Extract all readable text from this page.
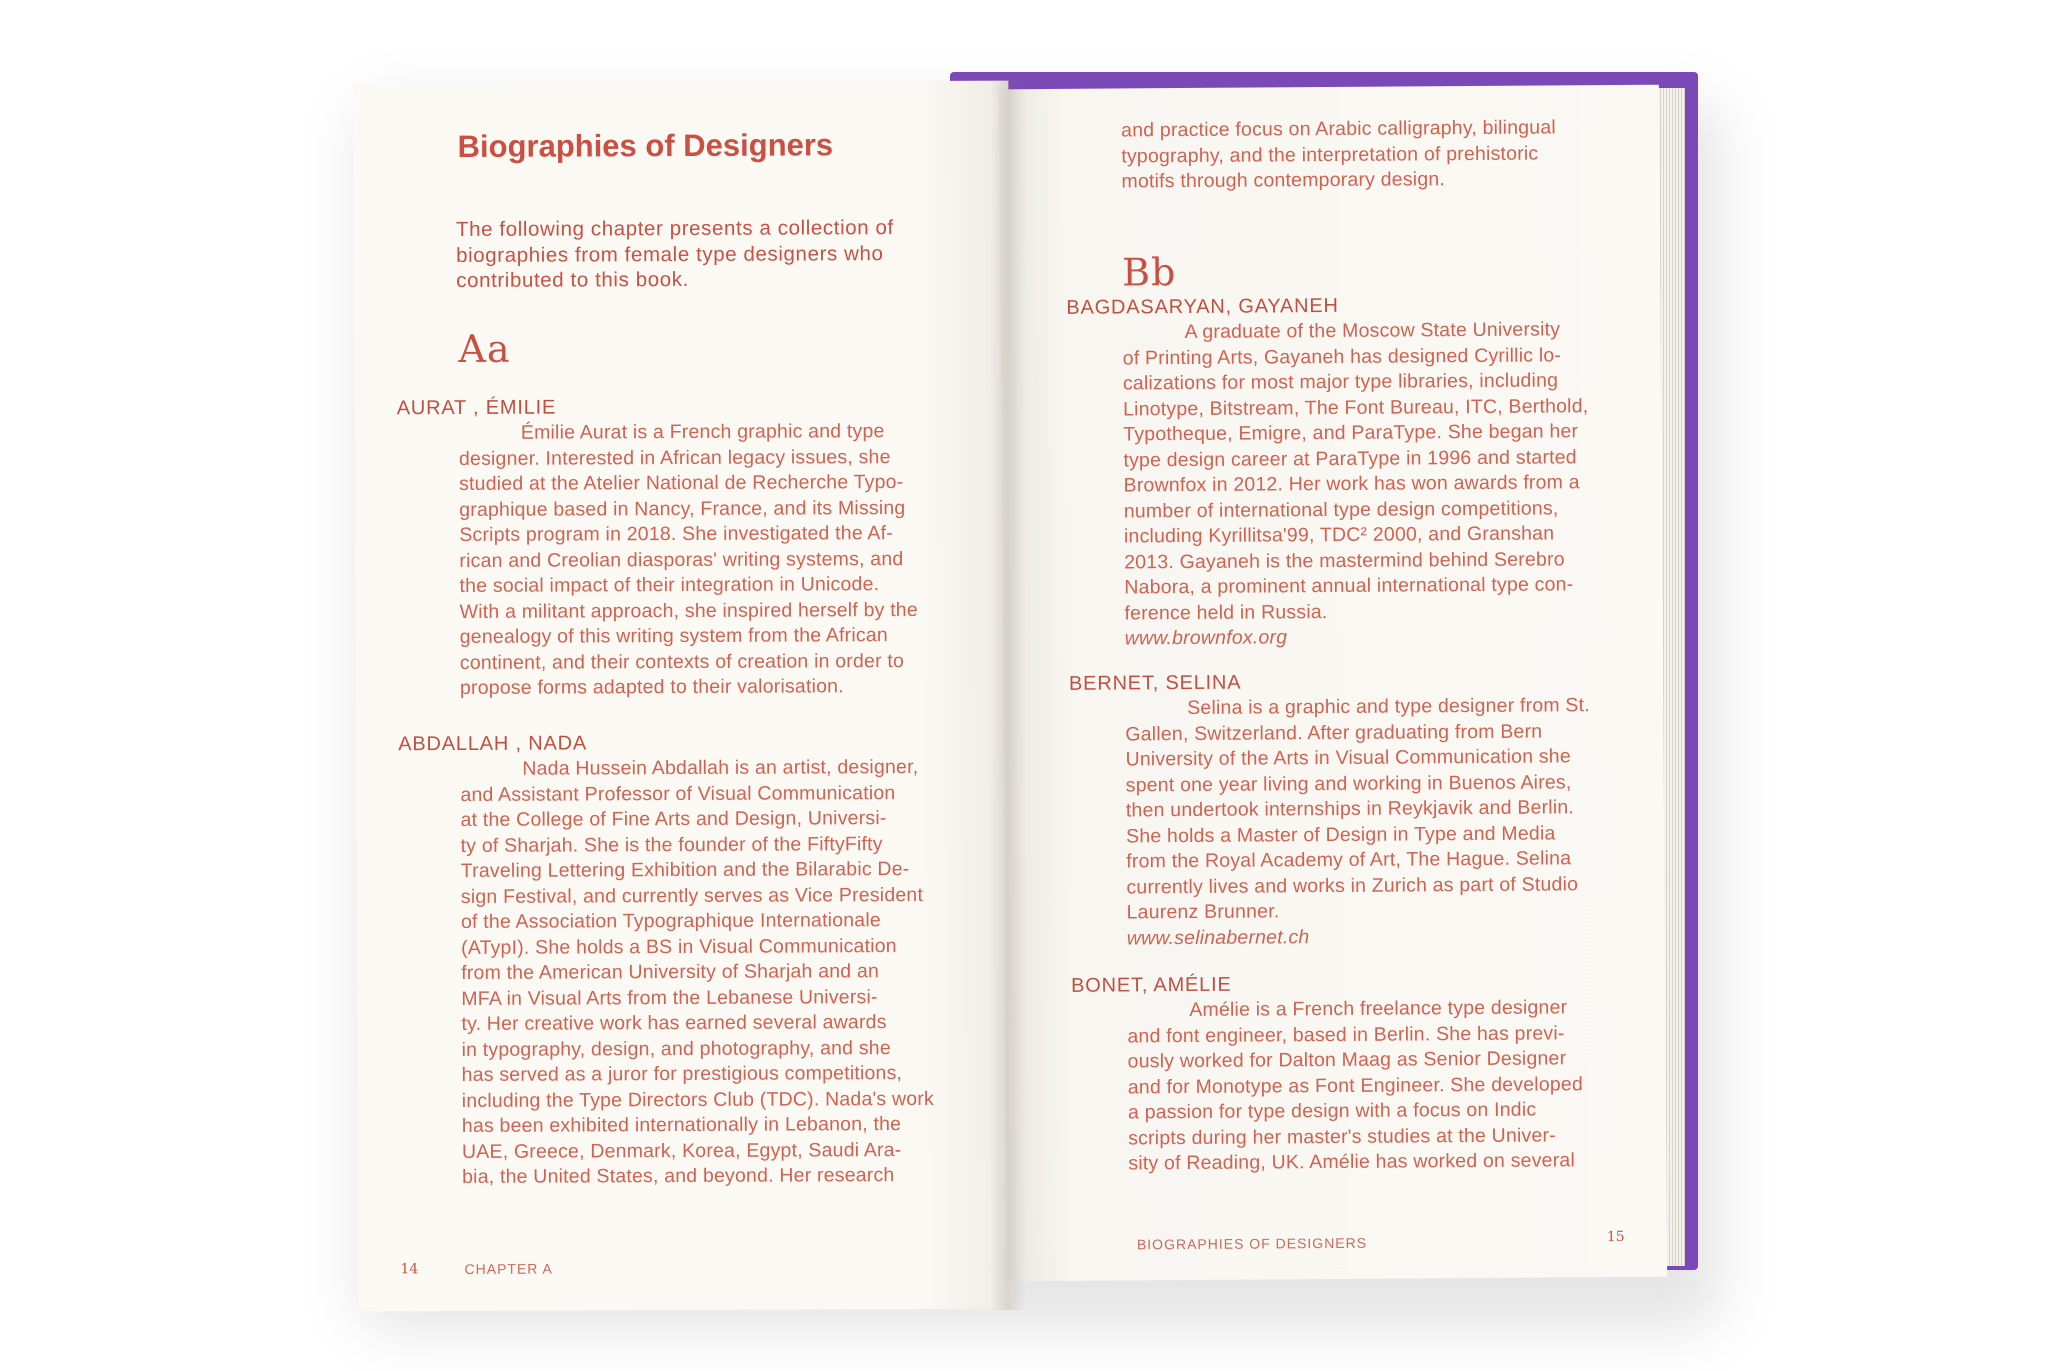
Biographies of Designers
The following chapter presents a collection of
biographies from female type designers who
contributed to this book.
Aa
AURAT , ÉMILIE
Émilie Aurat is a French graphic and type
designer. Interested in African legacy issues, she
studied at the Atelier National de Recherche Typo-
graphique based in Nancy, France, and its Missing
Scripts program in 2018. She investigated the Af-
rican and Creolian diasporas' writing systems, and
the social impact of their integration in Unicode.
With a militant approach, she inspired herself by the
genealogy of this writing system from the African
continent, and their contexts of creation in order to
propose forms adapted to their valorisation.
ABDALLAH , NADA
Nada Hussein Abdallah is an artist, designer,
and Assistant Professor of Visual Communication
at the College of Fine Arts and Design, Universi-
ty of Sharjah. She is the founder of the FiftyFifty
Traveling Lettering Exhibition and the Bilarabic De-
sign Festival, and currently serves as Vice President
of the Association Typographique Internationale
(ATypI). She holds a BS in Visual Communication
from the American University of Sharjah and an
MFA in Visual Arts from the Lebanese Universi-
ty. Her creative work has earned several awards
in typography, design, and photography, and she
has served as a juror for prestigious competitions,
including the Type Directors Club (TDC). Nada's work
has been exhibited internationally in Lebanon, the
UAE, Greece, Denmark, Korea, Egypt, Saudi Ara-
bia, the United States, and beyond. Her research
14	CHAPTER A
and practice focus on Arabic calligraphy, bilingual
typography, and the interpretation of prehistoric
motifs through contemporary design.
Bb
BAGDASARYAN, GAYANEH
A graduate of the Moscow State University
of Printing Arts, Gayaneh has designed Cyrillic lo-
calizations for most major type libraries, including
Linotype, Bitstream, The Font Bureau, ITC, Berthold,
Typotheque, Emigre, and ParaType. She began her
type design career at ParaType in 1996 and started
Brownfox in 2012. Her work has won awards from a
number of international type design competitions,
including Kyrillitsa'99, TDC² 2000, and Granshan
2013. Gayaneh is the mastermind behind Serebro
Nabora, a prominent annual international type con-
ference held in Russia.
www.brownfox.org
BERNET, SELINA
Selina is a graphic and type designer from St.
Gallen, Switzerland. After graduating from Bern
University of the Arts in Visual Communication she
spent one year living and working in Buenos Aires,
then undertook internships in Reykjavik and Berlin.
She holds a Master of Design in Type and Media
from the Royal Academy of Art, The Hague. Selina
currently lives and works in Zurich as part of Studio
Laurenz Brunner.
www.selinabernet.ch
BONET, AMÉLIE
Amélie is a French freelance type designer
and font engineer, based in Berlin. She has previ-
ously worked for Dalton Maag as Senior Designer
and for Monotype as Font Engineer. She developed
a passion for type design with a focus on Indic
scripts during her master's studies at the Univer-
sity of Reading, UK. Amélie has worked on several
BIOGRAPHIES OF DESIGNERS	15
